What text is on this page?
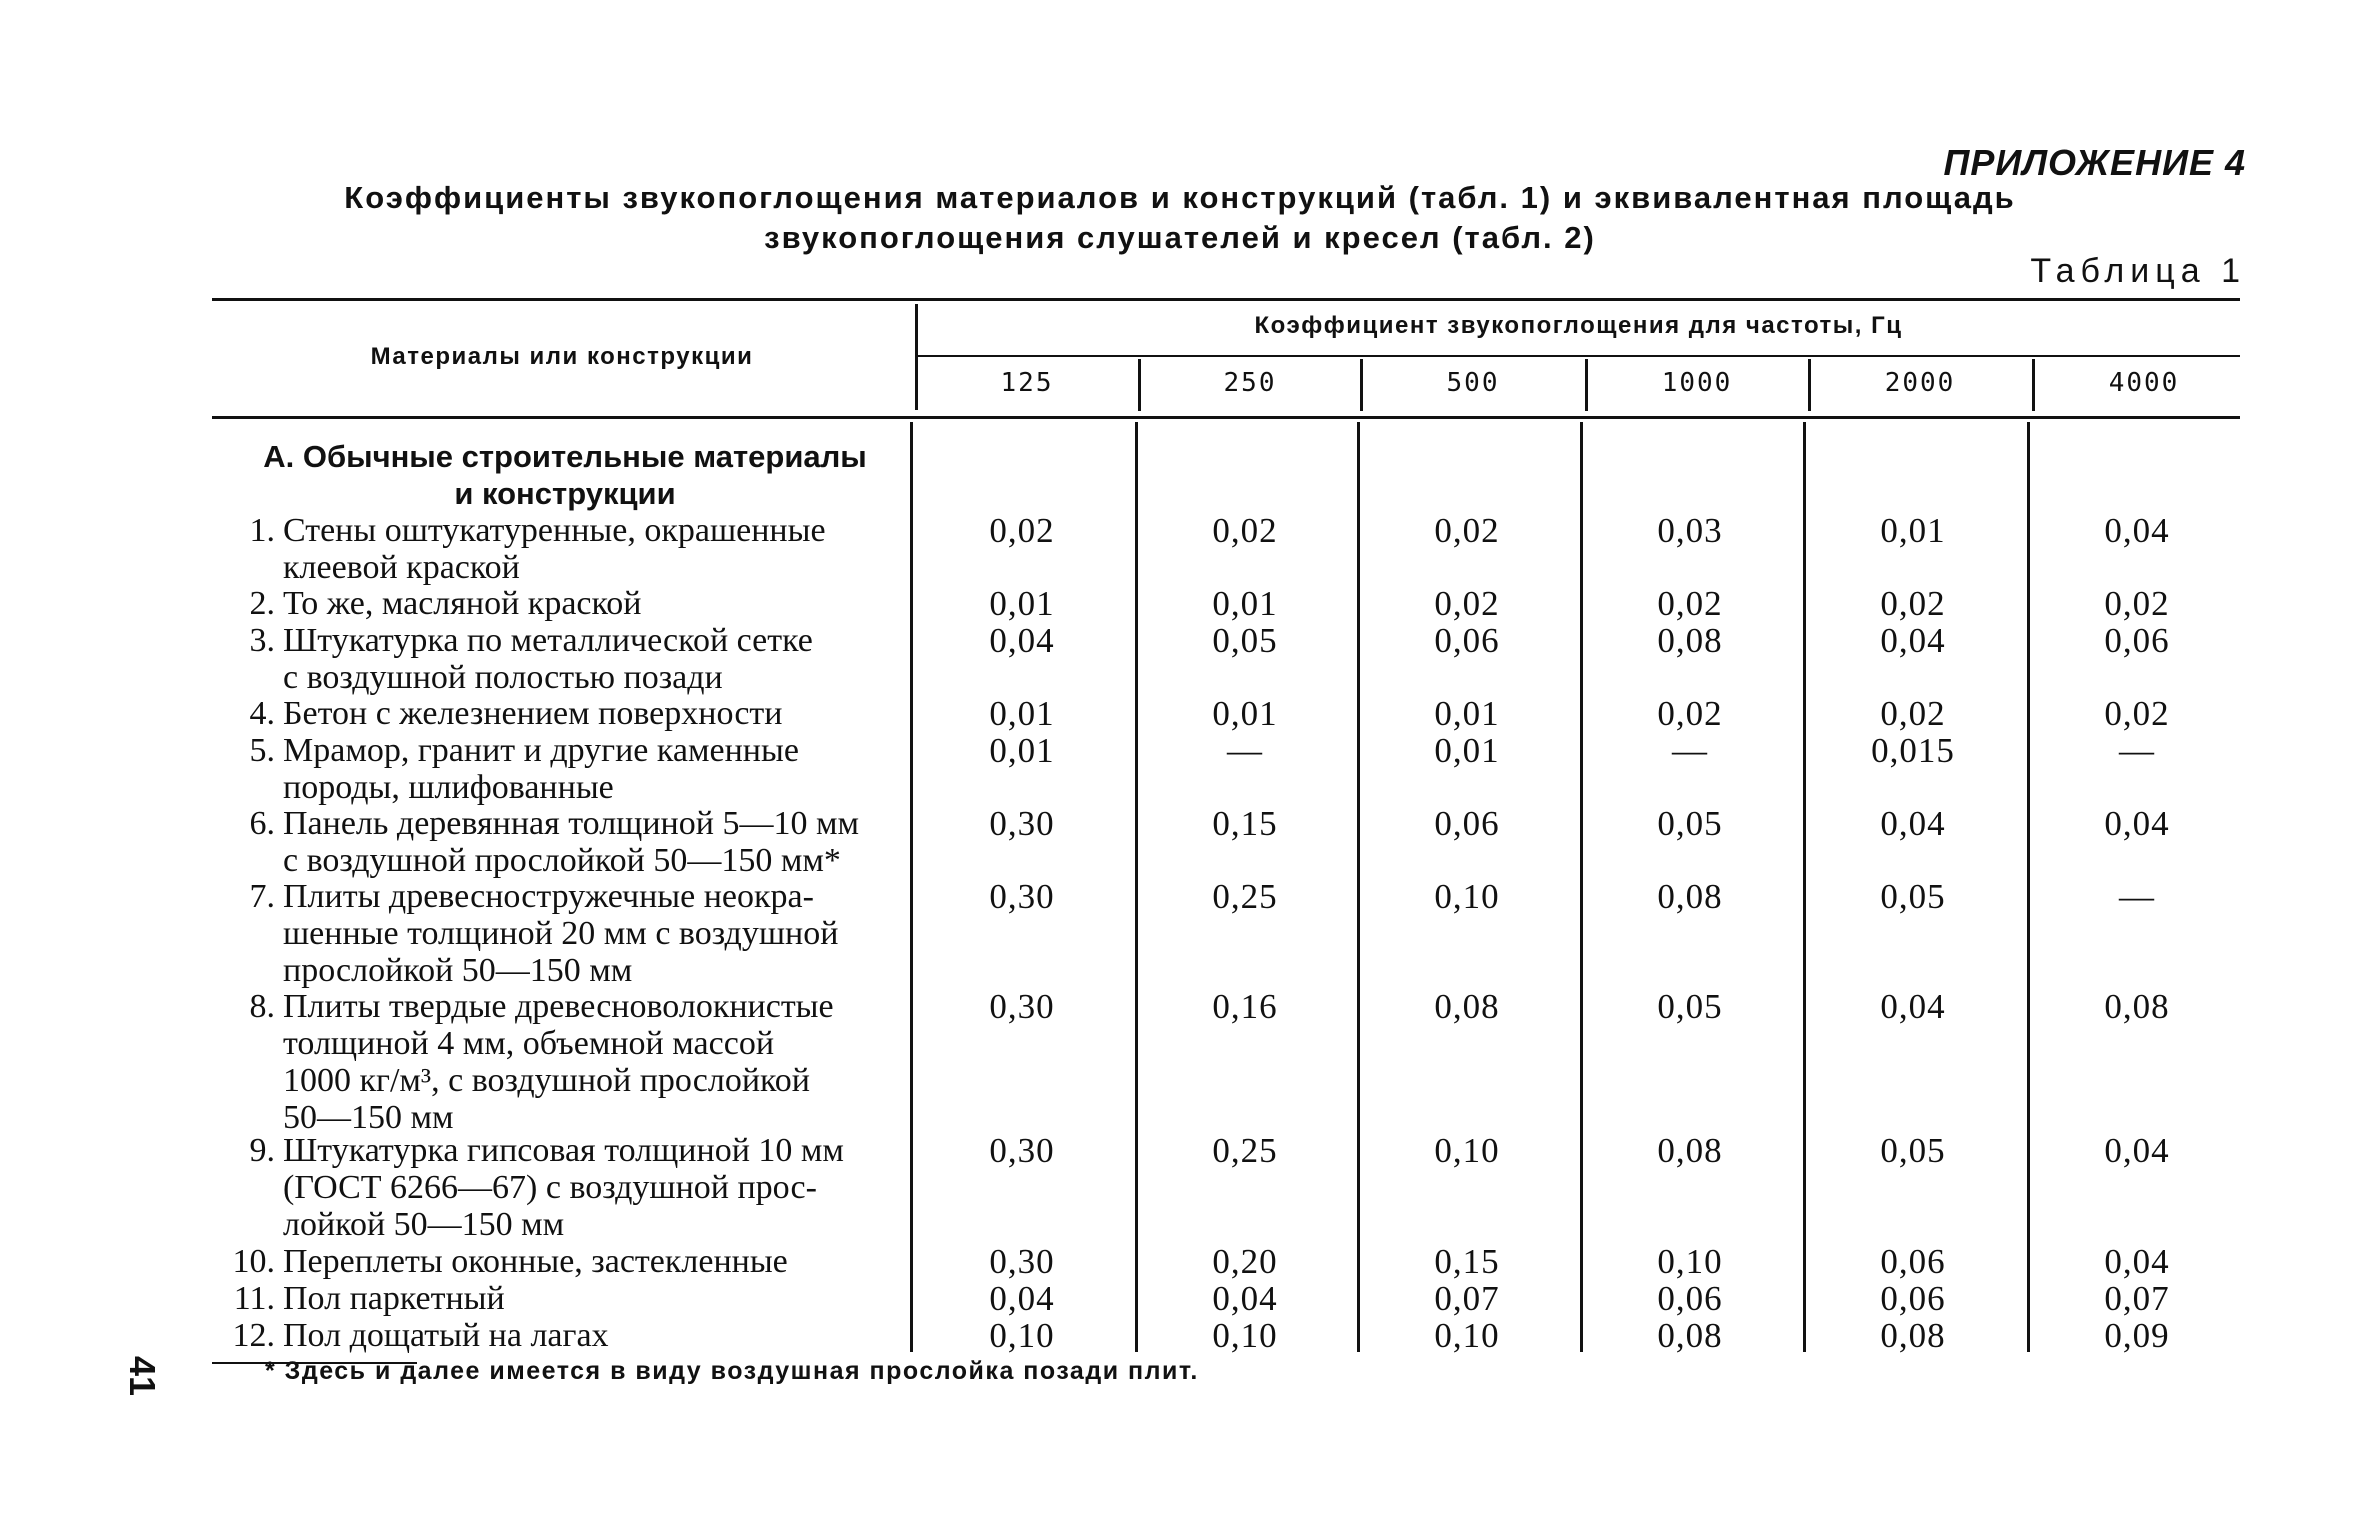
ПРИЛОЖЕНИЕ 4
Коэффициенты звукопоглощения материалов и конструкций (табл. 1) и эквивалентная площадь
звукопоглощения слушателей и кресел (табл. 2)
Таблица 1
Материалы или конструкции
Коэффициент звукопоглощения для частоты, Гц
125	250	500	1000	2000	4000
А. Обычные строительные материалы
и конструкции
1. Стены оштукатуренные, окрашенные
клеевой краской
0,02	0,02	0,02	0,03	0,01	0,04
2. То же, масляной краской	0,01	0,01	0,02	0,02	0,02	0,02
3. Штукатурка по металлической сетке
с воздушной полостью позади
0,04	0,05	0,06	0,08	0,04	0,06
4. Бетон с железнением поверхности	0,01	0,01	0,01	0,02	0,02	0,02
5. Мрамор, гранит и другие каменные
породы, шлифованные
0,01	—	0,01	—	0,015	—
6. Панель деревянная толщиной 5—10 мм
с воздушной прослойкой 50—150 мм*
0,30	0,15	0,06	0,05	0,04	0,04
7. Плиты древесностружечные неокра-
шенные толщиной 20 мм с воздушной
прослойкой 50—150 мм
0,30	0,25	0,10	0,08	0,05	—
8. Плиты твердые древесноволокнистые
толщиной 4 мм, объемной массой
1000 кг/м³, с воздушной прослойкой
50—150 мм
0,30	0,16	0,08	0,05	0,04	0,08
9. Штукатурка гипсовая толщиной 10 мм
(ГОСТ 6266—67) с воздушной прос-
лойкой 50—150 мм
0,30	0,25	0,10	0,08	0,05	0,04
10. Переплеты оконные, застекленные	0,30	0,20	0,15	0,10	0,06	0,04
11. Пол паркетный	0,04	0,04	0,07	0,06	0,06	0,07
12. Пол дощатый на лагах	0,10	0,10	0,10	0,08	0,08	0,09
* Здесь и далее имеется в виду воздушная прослойка позади плит.
41
